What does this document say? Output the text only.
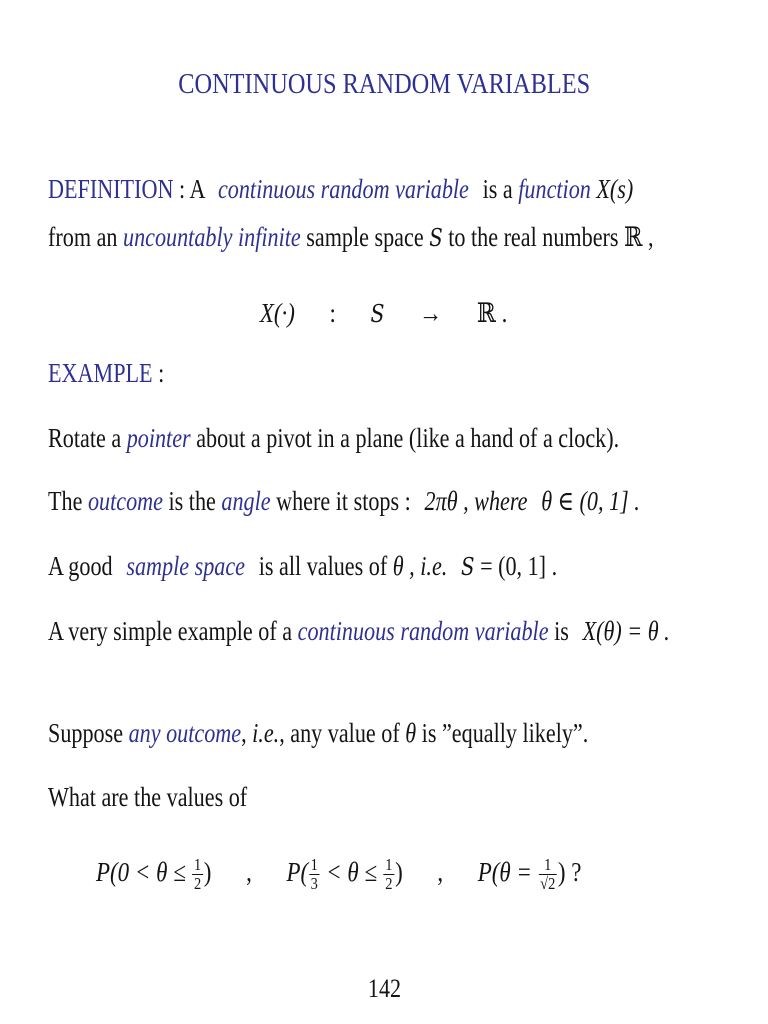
CONTINUOUS RANDOM VARIABLES
DEFINITION : A continuous random variable is a function X(s)
from an uncountably infinite sample space S to the real numbers ℝ ,
X(·) : S → ℝ .
EXAMPLE :
Rotate a pointer about a pivot in a plane (like a hand of a clock).
The outcome is the angle where it stops : 2πθ , where θ ∈ (0, 1] .
A good sample space is all values of θ , i.e. S = (0, 1] .
A very simple example of a continuous random variable is X(θ) = θ .
Suppose any outcome, i.e., any value of θ is ”equally likely”.
What are the values of
$P(0 < \theta \le \frac{1}{2}$ ) , $P( \frac{1}{3} < \theta \le \frac{1}{2}$ ) , $P(\theta = \frac{1}{√2}$ ) ?
142
